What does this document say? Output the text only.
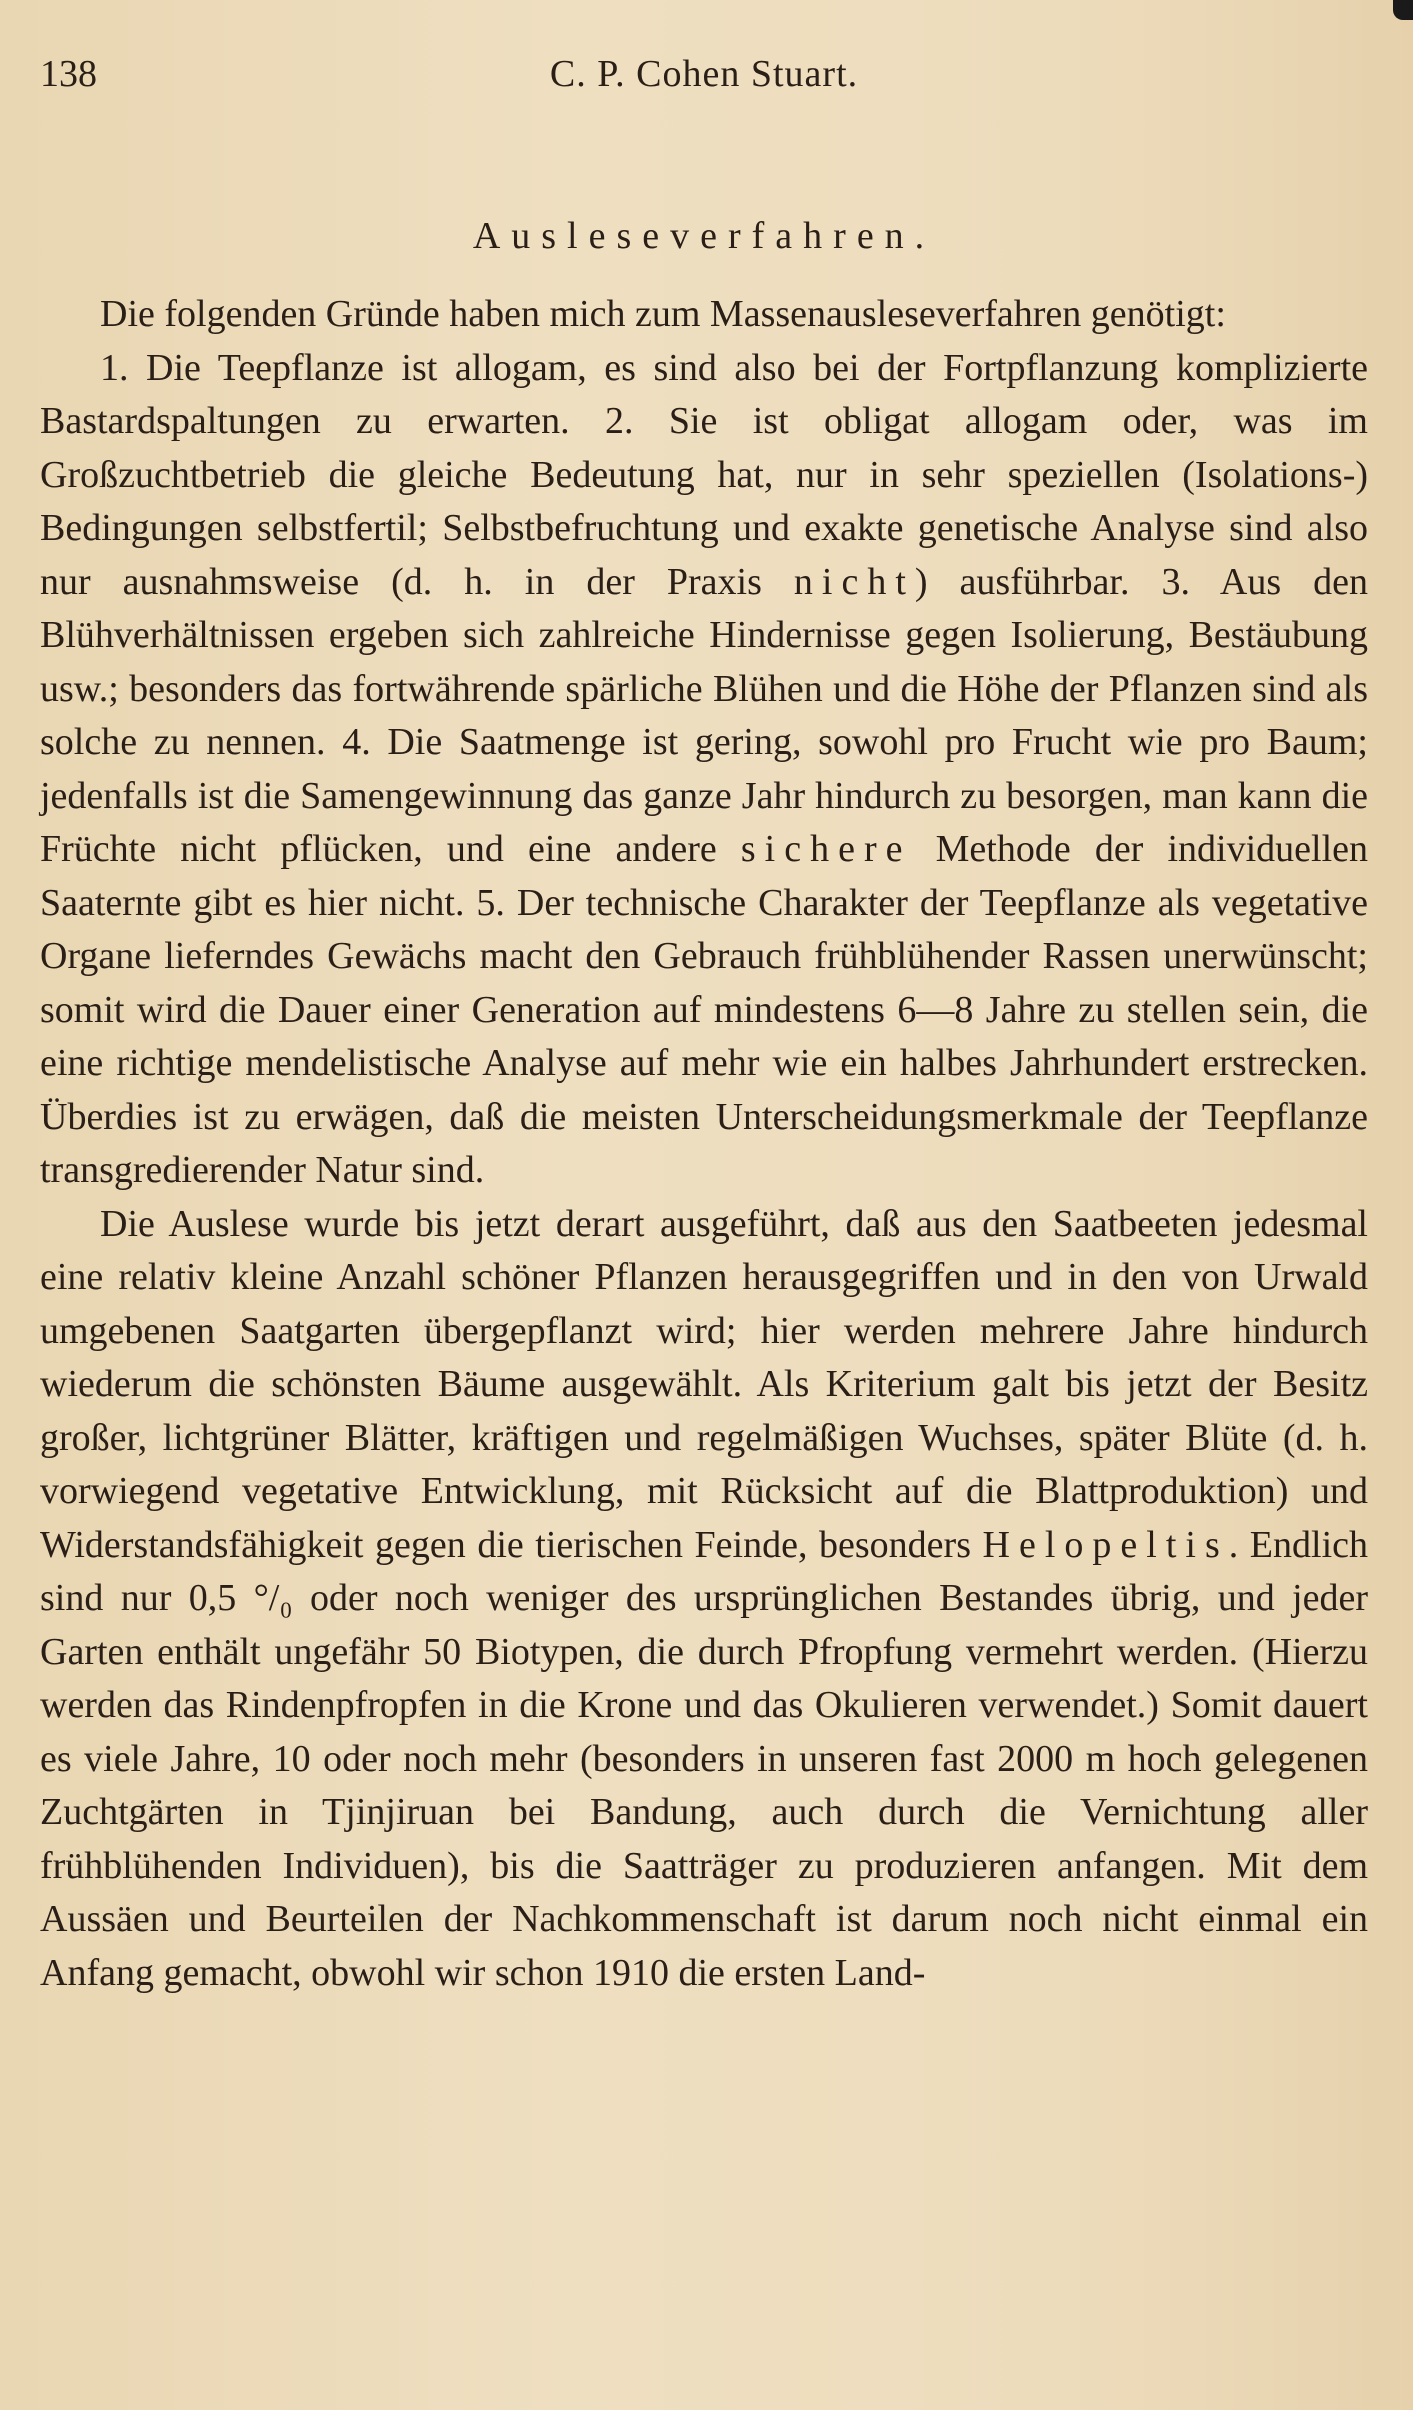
138	C. P. Cohen Stuart.
Ausleseverfahren.

Die folgenden Gründe haben mich zum Massenausleseverfahren genötigt:

1. Die Teepflanze ist allogam, es sind also bei der Fortpflanzung komplizierte Bastardspaltungen zu erwarten. 2. Sie ist obligat allogam oder, was im Großzuchtbetrieb die gleiche Bedeutung hat, nur in sehr speziellen (Isolations-) Bedingungen selbstfertil; Selbstbefruchtung und exakte genetische Analyse sind also nur ausnahmsweise (d. h. in der Praxis nicht) ausführbar. 3. Aus den Blühverhältnissen ergeben sich zahlreiche Hindernisse gegen Isolierung, Bestäubung usw.; besonders das fortwährende spärliche Blühen und die Höhe der Pflanzen sind als solche zu nennen. 4. Die Saatmenge ist gering, sowohl pro Frucht wie pro Baum; jedenfalls ist die Samengewinnung das ganze Jahr hindurch zu besorgen, man kann die Früchte nicht pflücken, und eine andere sichere Methode der individuellen Saaternte gibt es hier nicht. 5. Der technische Charakter der Teepflanze als vegetative Organe lieferndes Gewächs macht den Gebrauch frühblühender Rassen unerwünscht; somit wird die Dauer einer Generation auf mindestens 6—8 Jahre zu stellen sein, die eine richtige mendelistische Analyse auf mehr wie ein halbes Jahrhundert erstrecken. Überdies ist zu erwägen, daß die meisten Unterscheidungsmerkmale der Teepflanze transgredierender Natur sind.

Die Auslese wurde bis jetzt derart ausgeführt, daß aus den Saatbeeten jedesmal eine relativ kleine Anzahl schöner Pflanzen herausgegriffen und in den von Urwald umgebenen Saatgarten übergepflanzt wird; hier werden mehrere Jahre hindurch wiederum die schönsten Bäume ausgewählt. Als Kriterium galt bis jetzt der Besitz großer, lichtgrüner Blätter, kräftigen und regelmäßigen Wuchses, später Blüte (d. h. vorwiegend vegetative Entwicklung, mit Rücksicht auf die Blattproduktion) und Widerstandsfähigkeit gegen die tierischen Feinde, besonders Helopeltis. Endlich sind nur 0,5 °/₀ oder noch weniger des ursprünglichen Bestandes übrig, und jeder Garten enthält ungefähr 50 Biotypen, die durch Pfropfung vermehrt werden. (Hierzu werden das Rindenpfropfen in die Krone und das Okulieren verwendet.) Somit dauert es viele Jahre, 10 oder noch mehr (besonders in unseren fast 2000 m hoch gelegenen Zuchtgärten in Tjinjiruan bei Bandung, auch durch die Vernichtung aller frühblühenden Individuen), bis die Saatträger zu produzieren anfangen. Mit dem Aussäen und Beurteilen der Nachkommenschaft ist darum noch nicht einmal ein Anfang gemacht, obwohl wir schon 1910 die ersten Land-
